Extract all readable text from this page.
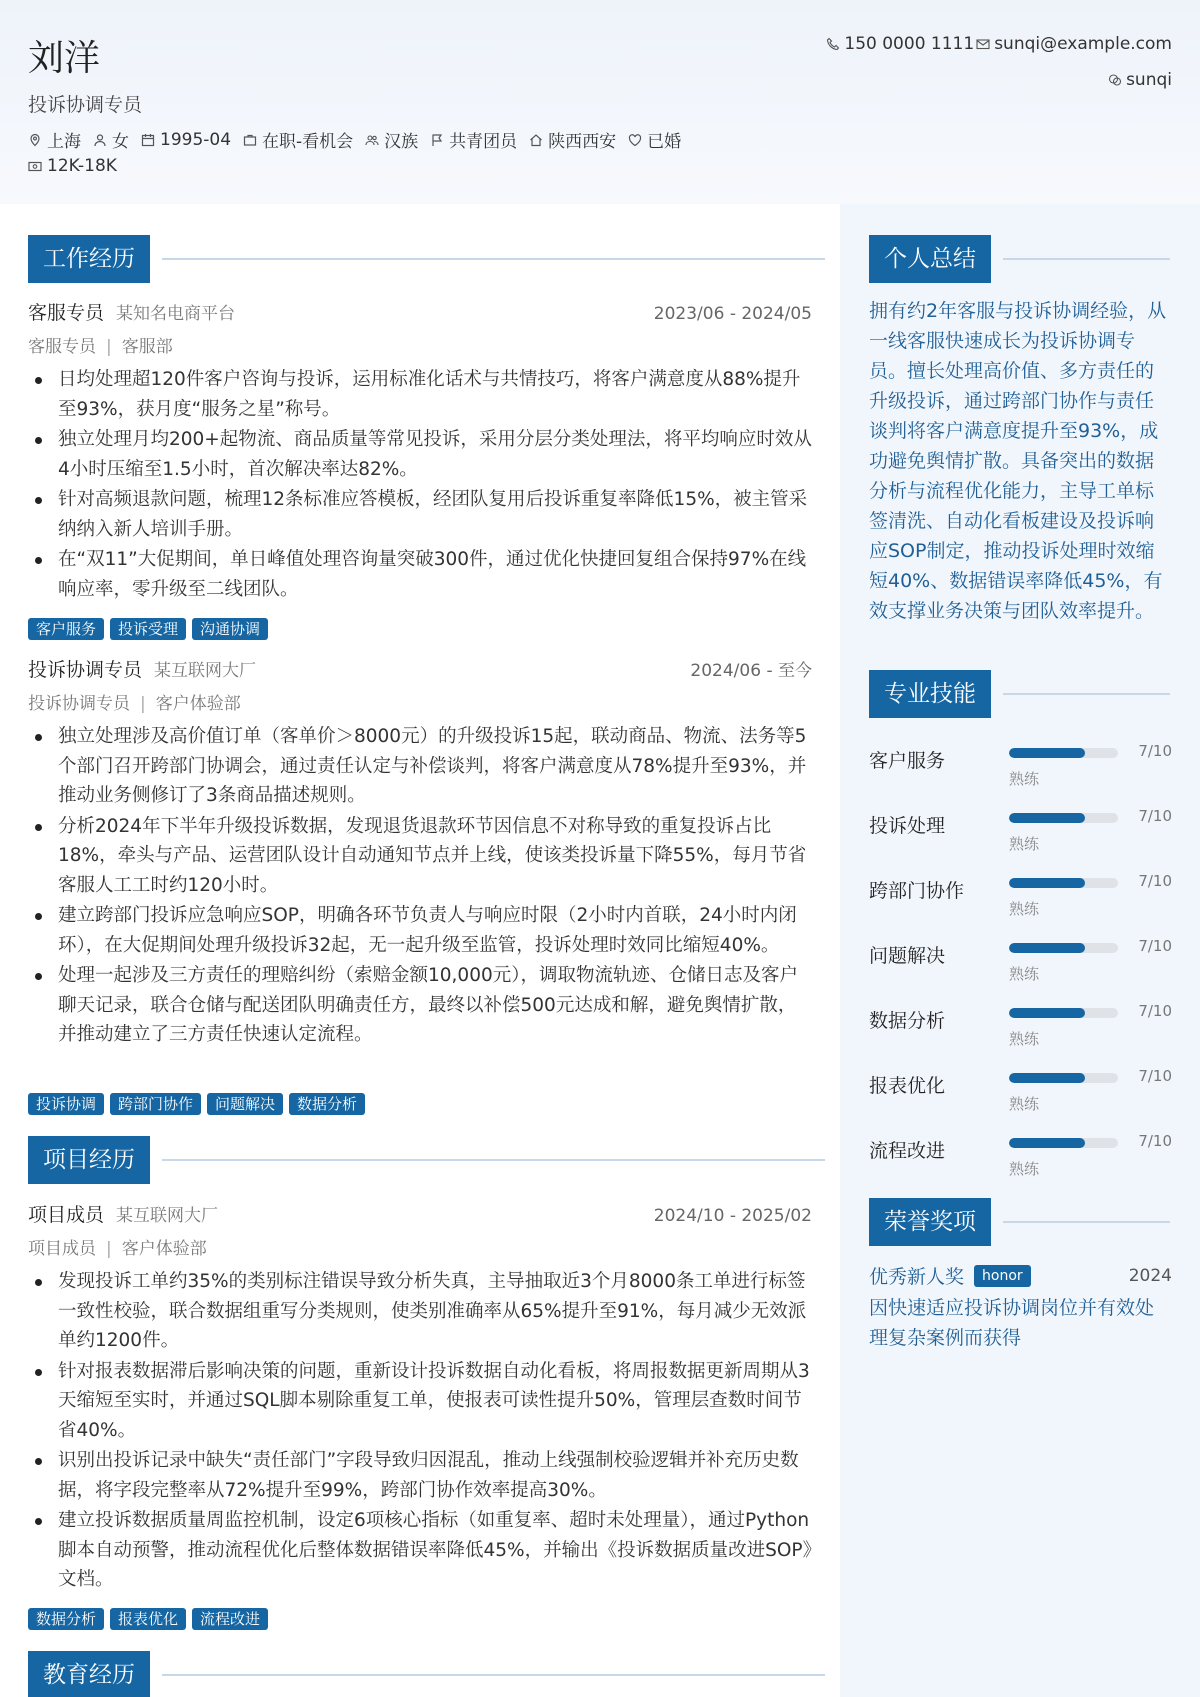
刘洋
投诉协调专员
上海 女 1995-04 在职-看机会 汉族 共青团员 陕西西安 已婚
12K-18K
150 0000 1111 sunqi@example.com
sunqi
工作经历
客服专员 某知名电商平台	2023/06 - 2024/05
客服专员 | 客服部
日均处理超120件客户咨询与投诉，运用标准化话术与共情技巧，将客户满意度从88%提升至93%，获月度“服务之星”称号。
独立处理月均200+起物流、商品质量等常见投诉，采用分层分类处理法，将平均响应时效从4小时压缩至1.5小时，首次解决率达82%。
针对高频退款问题，梳理12条标准应答模板，经团队复用后投诉重复率降低15%，被主管采纳纳入新人培训手册。
在“双11”大促期间，单日峰值处理咨询量突破300件，通过优化快捷回复组合保持97%在线响应率，零升级至二线团队。
客户服务	投诉受理	沟通协调
投诉协调专员 某互联网大厂	2024/06 - 至今
投诉协调专员 | 客户体验部
独立处理涉及高价值订单（客单价＞8000元）的升级投诉15起，联动商品、物流、法务等5个部门召开跨部门协调会，通过责任认定与补偿谈判，将客户满意度从78%提升至93%，并推动业务侧修订了3条商品描述规则。
分析2024年下半年升级投诉数据，发现退货退款环节因信息不对称导致的重复投诉占比18%，牵头与产品、运营团队设计自动通知节点并上线，使该类投诉量下降55%，每月节省客服人工工时约120小时。
建立跨部门投诉应急响应SOP，明确各环节负责人与响应时限（2小时内首联，24小时内闭环），在大促期间处理升级投诉32起，无一起升级至监管，投诉处理时效同比缩短40%。
处理一起涉及三方责任的理赔纠纷（索赔金额10,000元），调取物流轨迹、仓储日志及客户聊天记录，联合仓储与配送团队明确责任方，最终以补偿500元达成和解，避免舆情扩散，并推动建立了三方责任快速认定流程。
投诉协调	跨部门协作	问题解决	数据分析
项目经历
项目成员 某互联网大厂	2024/10 - 2025/02
项目成员 | 客户体验部
发现投诉工单约35%的类别标注错误导致分析失真，主导抽取近3个月8000条工单进行标签一致性校验，联合数据组重写分类规则，使类别准确率从65%提升至91%，每月减少无效派单约1200件。
针对报表数据滞后影响决策的问题，重新设计投诉数据自动化看板，将周报数据更新周期从3天缩短至实时，并通过SQL脚本剔除重复工单，使报表可读性提升50%，管理层查数时间节省40%。
识别出投诉记录中缺失“责任部门”字段导致归因混乱，推动上线强制校验逻辑并补充历史数据，将字段完整率从72%提升至99%，跨部门协作效率提高30%。
建立投诉数据质量周监控机制，设定6项核心指标（如重复率、超时未处理量），通过Python脚本自动预警，推动流程优化后整体数据错误率降低45%，并输出《投诉数据质量改进SOP》文档。
数据分析	报表优化	流程改进
教育经历
个人总结
拥有约2年客服与投诉协调经验，从一线客服快速成长为投诉协调专员。擅长处理高价值、多方责任的升级投诉，通过跨部门协作与责任谈判将客户满意度提升至93%，成功避免舆情扩散。具备突出的数据分析与流程优化能力，主导工单标签清洗、自动化看板建设及投诉响应SOP制定，推动投诉处理时效缩短40%、数据错误率降低45%，有效支撑业务决策与团队效率提升。
专业技能
客户服务	7/10
熟练
投诉处理	7/10
熟练
跨部门协作	7/10
熟练
问题解决	7/10
熟练
数据分析	7/10
熟练
报表优化	7/10
熟练
流程改进	7/10
熟练
荣誉奖项
优秀新人奖	honor	2024
因快速适应投诉协调岗位并有效处理复杂案例而获得
